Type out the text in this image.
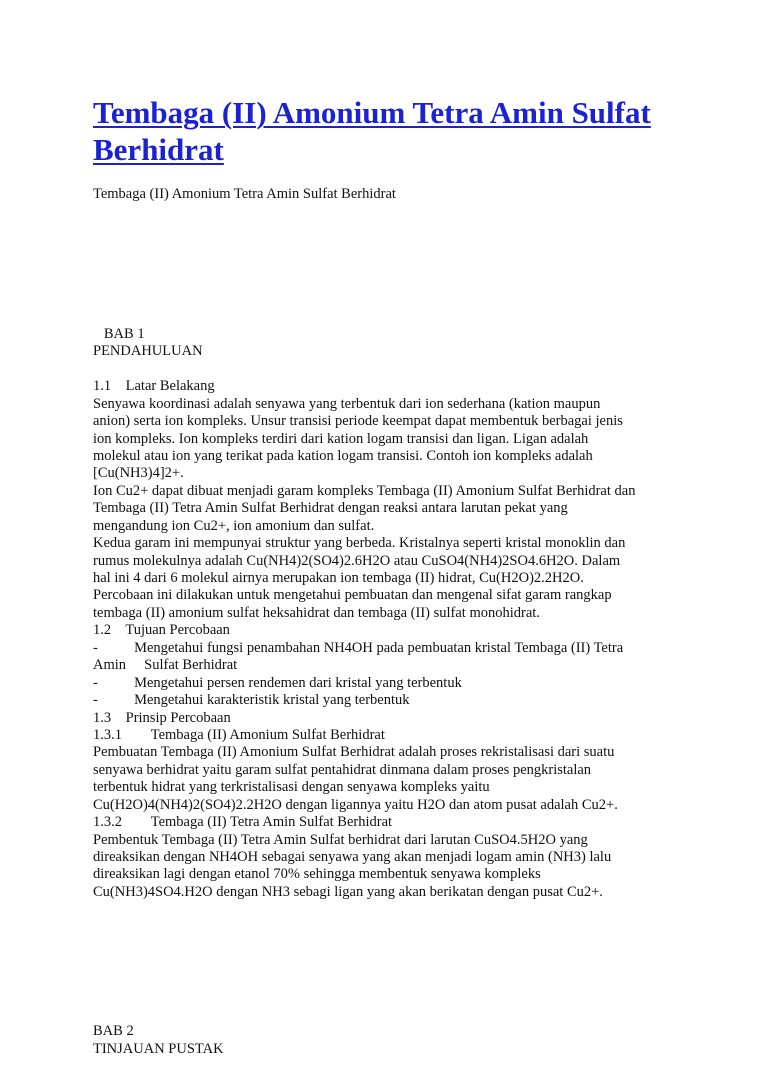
Tembaga (II) Amonium Tetra Amin Sulfat Berhidrat
Tembaga (II) Amonium Tetra Amin Sulfat Berhidrat

BAB 1
PENDAHULUAN
1.1    Latar Belakang
Senyawa koordinasi adalah senyawa yang terbentuk dari ion sederhana (kation maupun
anion) serta ion kompleks. Unsur transisi periode keempat dapat membentuk berbagai jenis
ion kompleks. Ion kompleks terdiri dari kation logam transisi dan ligan. Ligan adalah
molekul atau ion yang terikat pada kation logam transisi. Contoh ion kompleks adalah
[Cu(NH3)4]2+.
Ion Cu2+ dapat dibuat menjadi garam kompleks Tembaga (II) Amonium Sulfat Berhidrat dan
Tembaga (II) Tetra Amin Sulfat Berhidrat dengan reaksi antara larutan pekat yang
mengandung ion Cu2+, ion amonium dan sulfat.
Kedua garam ini mempunyai struktur yang berbeda. Kristalnya seperti kristal monoklin dan
rumus molekulnya adalah Cu(NH4)2(SO4)2.6H2O atau CuSO4(NH4)2SO4.6H2O. Dalam
hal ini 4 dari 6 molekul airnya merupakan ion tembaga (II) hidrat, Cu(H2O)2.2H2O.
Percobaan ini dilakukan untuk mengetahui pembuatan dan mengenal sifat garam rangkap
tembaga (II) amonium sulfat heksahidrat dan tembaga (II) sulfat monohidrat.
1.2    Tujuan Percobaan
-          Mengetahui fungsi penambahan NH4OH pada pembuatan kristal Tembaga (II) Tetra
Amin     Sulfat Berhidrat
-          Mengetahui persen rendemen dari kristal yang terbentuk
-          Mengetahui karakteristik kristal yang terbentuk
1.3    Prinsip Percobaan
1.3.1        Tembaga (II) Amonium Sulfat Berhidrat
Pembuatan Tembaga (II) Amonium Sulfat Berhidrat adalah proses rekristalisasi dari suatu
senyawa berhidrat yaitu garam sulfat pentahidrat dinmana dalam proses pengkristalan
terbentuk hidrat yang terkristalisasi dengan senyawa kompleks yaitu
Cu(H2O)4(NH4)2(SO4)2.2H2O dengan ligannya yaitu H2O dan atom pusat adalah Cu2+.
1.3.2        Tembaga (II) Tetra Amin Sulfat Berhidrat
Pembentuk Tembaga (II) Tetra Amin Sulfat berhidrat dari larutan CuSO4.5H2O yang
direaksikan dengan NH4OH sebagai senyawa yang akan menjadi logam amin (NH3) lalu
direaksikan lagi dengan etanol 70% sehingga membentuk senyawa kompleks
Cu(NH3)4SO4.H2O dengan NH3 sebagi ligan yang akan berikatan dengan pusat Cu2+.

BAB 2
TINJAUAN PUSTAK
